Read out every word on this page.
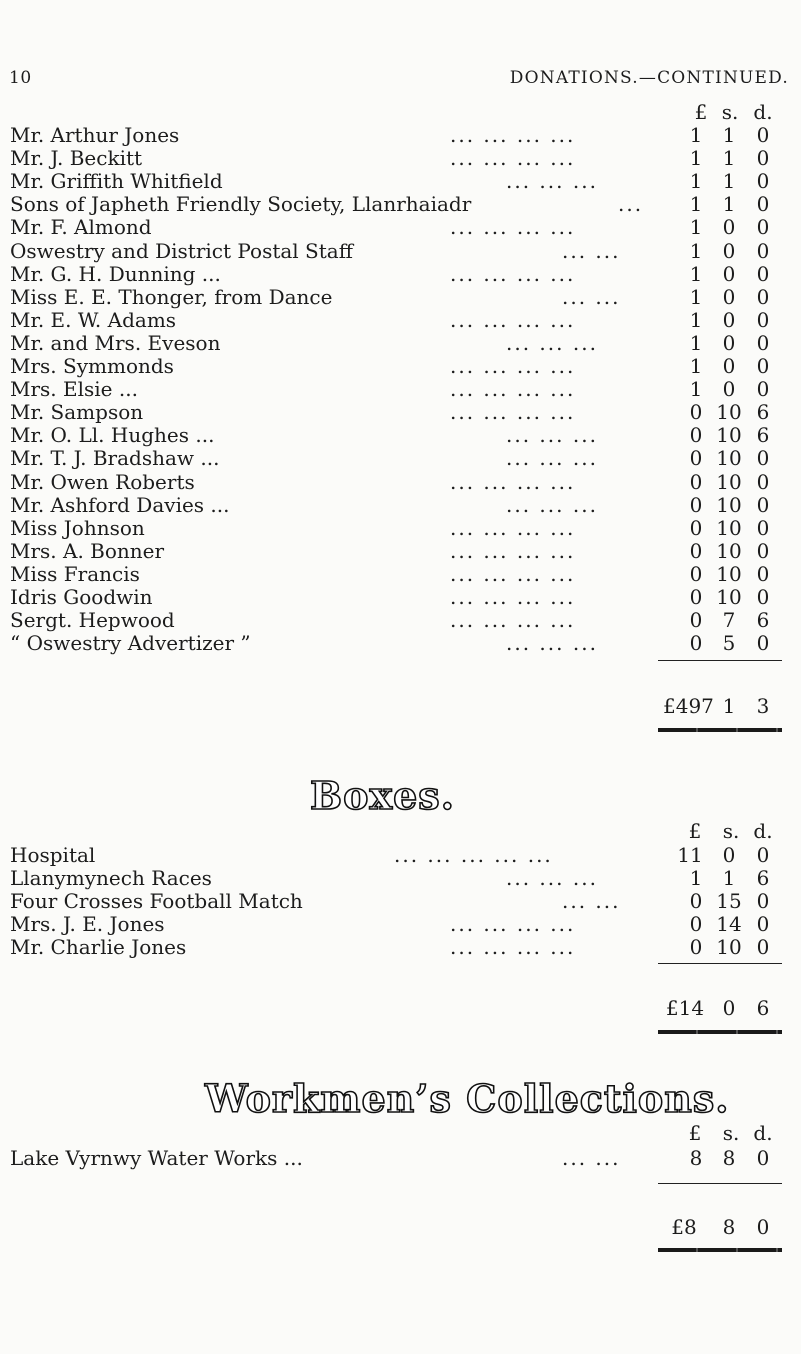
10	DONATIONS.—CONTINUED.
£ s. d.
Mr. Arthur Jones	... ... ... ...	1	1	0
Mr. J. Beckitt	... ... ... ...	1	1	0
Mr. Griffith Whitfield	... ... ...	1	1	0
Sons of Japheth Friendly Society, Llanrhaiadr	...	1	1	0
Mr. F. Almond	... ... ... ...	1	0	0
Oswestry and District Postal Staff	... ...	1	0	0
Mr. G. H. Dunning ...	... ... ... ...	1	0	0
Miss E. E. Thonger, from Dance	... ...	1	0	0
Mr. E. W. Adams	... ... ... ...	1	0	0
Mr. and Mrs. Eveson	... ... ...	1	0	0
Mrs. Symmonds	... ... ... ...	1	0	0
Mrs. Elsie ...	... ... ... ...	1	0	0
Mr. Sampson	... ... ... ...	0 10 6
Mr. O. Ll. Hughes ...	... ... ...	0 10 6
Mr. T. J. Bradshaw ...	... ... ...	0 10 0
Mr. Owen Roberts	... ... ... ...	0 10 0
Mr. Ashford Davies ...	... ... ...	0 10 0
Miss Johnson	... ... ... ...	0 10 0
Mrs. A. Bonner	... ... ... ...	0 10 0
Miss Francis	... ... ... ...	0 10 0
Idris Goodwin	... ... ... ...	0 10 0
Sergt. Hepwood	... ... ... ...	0	7	6
“ Oswestry Advertizer ”	... ... ...	0	5	0
£497 1	3
Boxes.
£	s. d.
Hospital	... ... ... ... ...	11 0	0
Llanymynech Races	... ... ...	1	1	6
Four Crosses Football Match	... ...	0 15 0
Mrs. J. E. Jones	... ... ... ...	0 14 0
Mr. Charlie Jones	... ... ... ...	0 10 0
£14 0	6
Workmen’s Collections.
£	s. d.
Lake Vyrnwy Water Works ...	... ...	8	8	0
£8	8	0
